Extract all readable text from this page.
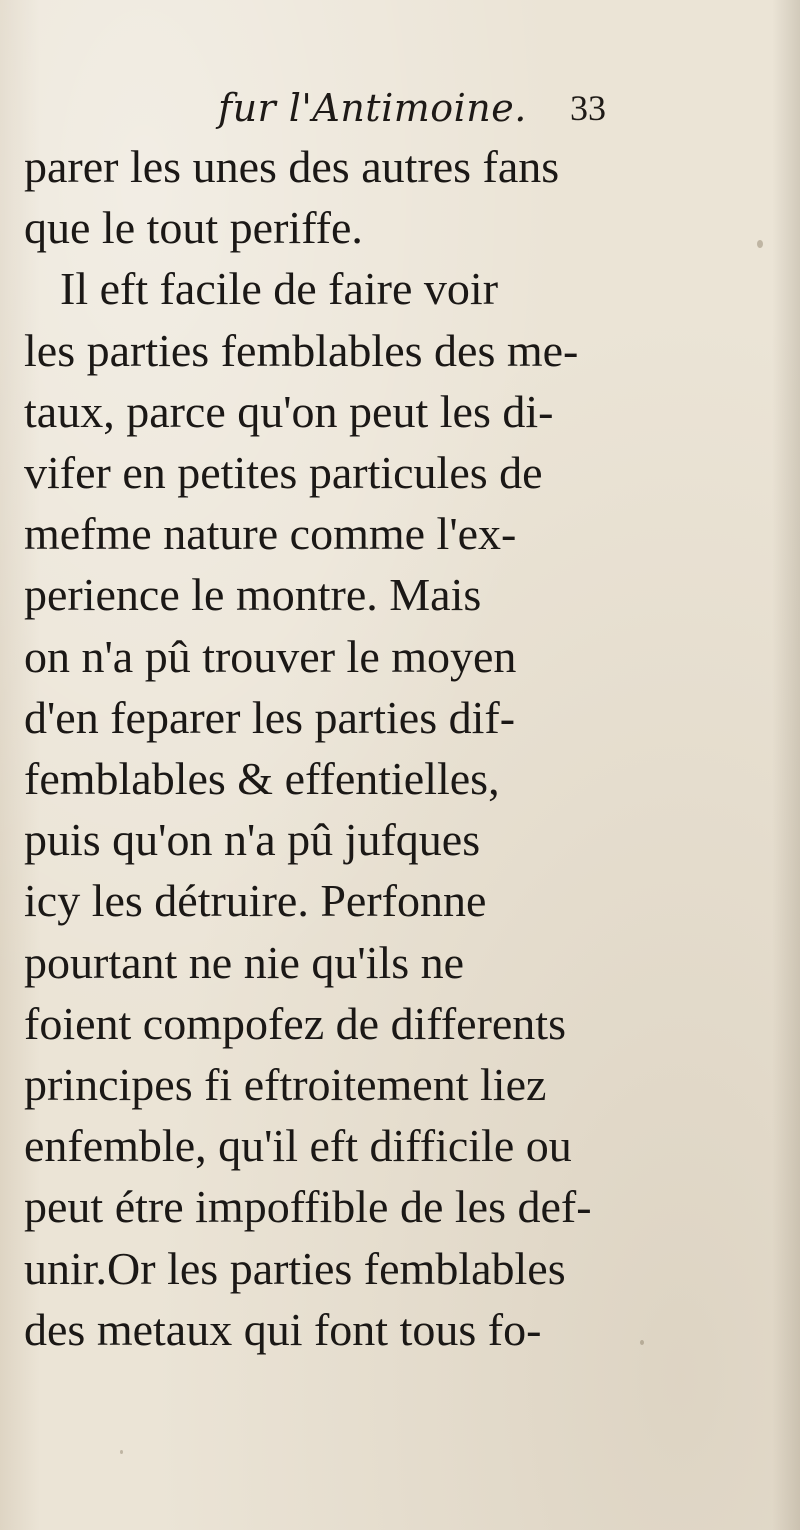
fur l'Antimoine. 33
parer les unes des autres fans
que le tout periffe.
Il eft facile de faire voir
les parties femblables des me-
taux, parce qu'on peut les di-
vifer en petites particules de
mefme nature comme l'ex-
perience le montre. Mais
on n'a pû trouver le moyen
d'en feparer les parties dif-
femblables & effentielles,
puis qu'on n'a pû jufques
icy les détruire. Perfonne
pourtant ne nie qu'ils ne
foient compofez de differents
principes fi eftroitement liez
enfemble, qu'il eft difficile ou
peut étre impoffible de les def-
unir.Or les parties femblables
des metaux qui font tous fo-
